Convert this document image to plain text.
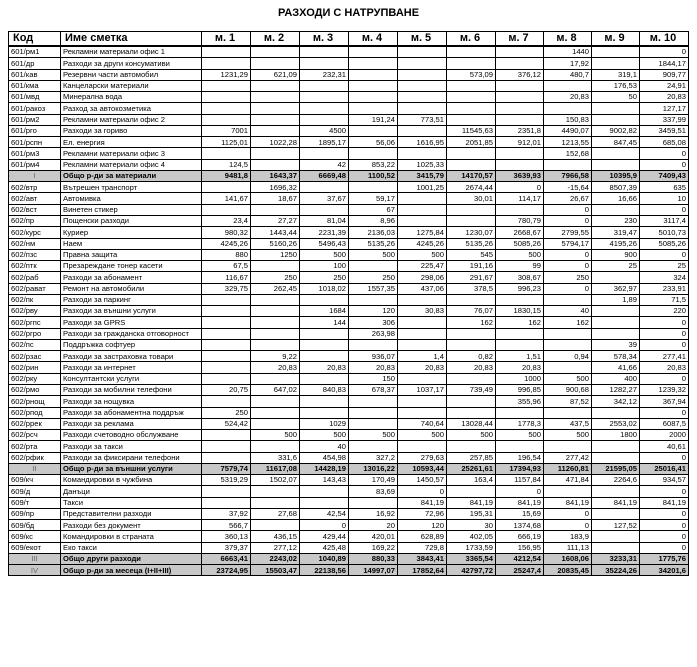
РАЗХОДИ С НАТРУПВАНЕ
Код	Име сметка	м. 1	м. 2	м. 3	м. 4	м. 5	м. 6	м. 7	м. 8	м. 9	м. 10
601/рм1	Рекламни материали офис 1								1440		0
601/др	Разходи за други консумативи								17,92		1844,17
601/кав	Резервни части автомобил	1231,29	621,09	232,31			573,09	376,12	480,7	319,1	909,77
601/кма	Канцеларски материали									176,53	24,91
601/мвд	Минерална вода								20,83	50	20,83
601/ракоз	Разход за автокозметика										127,17
601/рм2	Рекламни материали офис 2				191,24	773,51			150,83		337,99
601/рго	Разходи за горивo	7001		4500			11545,63	2351,8	4490,07	9002,82	3459,51
601/рспн	Ел. енергия	1125,01	1022,28	1895,17	56,06	1616,95	2051,85	912,01	1213,55	847,45	685,08
601/рм3	Рекламни материали офис 3								152,68		0
601/рм4	Рекламни материали офис 4	124,5		42	853,22	1025,33					0
I	Общо р-ди за материали	9481,8	1643,37	6669,48	1100,52	3415,79	14170,57	3639,93	7966,58	10395,9	7409,43
602/втр	Вътрешен транспорт		1696,32			1001,25	2674,44	0	-15,64	8507,39	635
602/авт	Автомивка	141,67	18,67	37,67	59,17		30,01	114,17	26,67	16,66	10
602/вст	Винетен стикер				67				0		0
602/пр	Пощенски разходи	23,4	27,27	81,04	8,96			780,79	0	230	3117,4
602/курс	Куриер	980,32	1443,44	2231,39	2136,03	1275,84	1230,07	2668,67	2799,55	319,47	5010,73
602/нм	Наем	4245,26	5160,26	5496,43	5135,26	4245,26	5135,26	5085,26	5794,17	4195,26	5085,26
602/пзс	Правна защита	880	1250	500	500	500	545	500	0	900	0
602/птк	Презареждане тонер касети	67,5		100		225,47	191,16	99	0	25	25
602/раб	Разходи за абонамент	116,67	250	250	250	298,06	291,67	308,67	250		324
602/рават	Ремонт на автомобили	329,75	262,45	1018,02	1557,35	437,06	378,5	996,23	0	362,97	233,91
602/пк	Разходи за паркинг									1,89	71,5
602/рву	Разходи за външни услуги			1684	120	30,83	76,07	1830,15	40		220
602/ргпс	Разходи за GPRS			144	306		162	162	162		0
602/ргро	Разходи за гражданска отговорност				263,98						0
602/пс	Поддръжка софтуер									39	0
602/рзас	Разходи за застраховка товари		9,22		936,07	1,4	0,82	1,51	0,94	578,34	277,41
602/рин	Разходи за интернет		20,83	20,83	20,83	20,83	20,83	20,83		41,66	20,83
602/рку	Консултантски услуги				150			1000	500	400	0
602/рмо	Разходи за мобилни телефони	20,75	647,02	840,83	678,37	1037,17	739,49	996,85	900,68	1282,27	1239,32
602/рнощ	Разходи за нощувка							355,96	87,52	342,12	367,94
602/рпод	Разходи за абонаментна поддръж	250									0
602/ррек	Разходи за реклама	524,42		1029		740,64	13028,44	1778,3	437,5	2553,02	6087,5
602/рсч	Разходи счетоводно обслужване		500	500	500	500	500	500	500	1800	2000
602/рта	Разходи за такси			40							40,61
602/рфик	Разходи за фиксирани телефони		331,6	454,98	327,2	279,63	257,85	196,54	277,42		0
II	Общо р-ди за външни услуги	7579,74	11617,08	14428,19	13016,22	10593,44	25261,61	17394,93	11260,81	21595,05	25016,41
609/кч	Командировки в чужбина	5319,29	1502,07	143,43	170,49	1450,57	163,4	1157,84	471,84	2264,6	934,57
609/д	Данъци				83,69	0		0			0
609/т	Такси					841,19	841,19	841,19	841,19	841,19	841,19
609/пр	Представителни разходи	37,92	27,68	42,54	16,92	72,96	195,31	15,69	0		0
609/бд	Разходи без документ	566,7		0	20	120	30	1374,68	0	127,52	0
609/кс	Командировки в страната	360,13	436,15	429,44	420,01	628,89	402,05	666,19	183,9		0
609/екот	Еко такси	379,37	277,12	425,48	169,22	729,8	1733,59	156,95	111,13		0
III	Общо други разходи	6663,41	2243,02	1040,89	880,33	3843,41	3365,54	4212,54	1608,06	3233,31	1775,76
IV	Общо р-ди за месеца (I+II+III)	23724,95	15503,47	22138,56	14997,07	17852,64	42797,72	25247,4	20835,45	35224,26	34201,6
